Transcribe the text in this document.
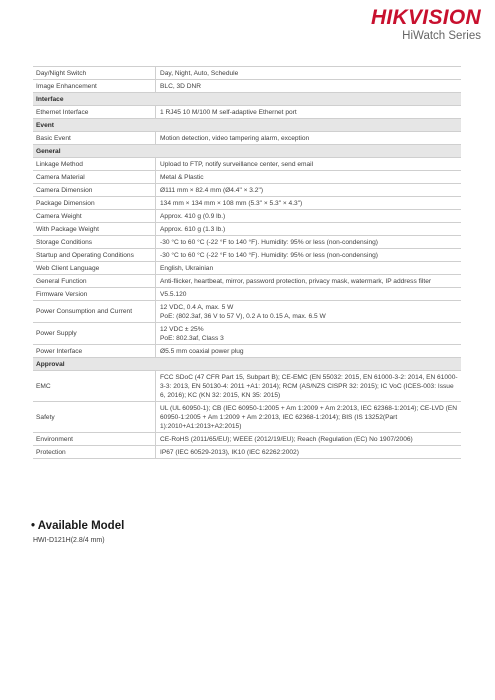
HIKVISION
HiWatch Series
Day/Night Switch	Day, Night, Auto, Schedule

Image Enhancement	BLC, 3D DNR

Interface	
Ethernet Interface	1 RJ45 10 M/100 M self-adaptive Ethernet port

Event	
Basic Event	Motion detection, video tampering alarm, exception

General	
Linkage Method	Upload to FTP, notify surveillance center, send email

Camera Material	Metal & Plastic

Camera Dimension	Ø111 mm × 82.4 mm (Ø4.4" × 3.2")

Package Dimension	134 mm × 134 mm × 108 mm (5.3" × 5.3" × 4.3")

Camera Weight	Approx. 410 g (0.9 lb.)

With Package Weight	Approx. 610 g (1.3 lb.)

Storage Conditions	-30 °C to 60 °C (-22 °F to 140 °F). Humidity: 95% or less (non-condensing)

Startup and Operating Conditions	-30 °C to 60 °C (-22 °F to 140 °F). Humidity: 95% or less (non-condensing)

Web Client Language	English, Ukrainian

General Function	Anti-flicker, heartbeat, mirror, password protection, privacy mask, watermark, IP address filter

Firmware Version	V5.5.120

Power Consumption and Current	12 VDC, 0.4 A, max. 5 W
PoE: (802.3af, 36 V to 57 V), 0.2 A to 0.15 A, max. 6.5 W

Power Supply	12 VDC ± 25%
PoE: 802.3af, Class 3

Power Interface	Ø5.5 mm coaxial power plug

Approval	
EMC	FCC SDoC (47 CFR Part 15, Subpart B); CE-EMC (EN 55032: 2015, EN 61000-3-2: 2014, EN 61000-3-3: 2013, EN 50130-4: 2011 +A1: 2014); RCM (AS/NZS CISPR 32: 2015); IC VoC (ICES-003: Issue 6, 2016); KC (KN 32: 2015, KN 35: 2015)

Safety	UL (UL 60950-1); CB (IEC 60950-1:2005 + Am 1:2009 + Am 2:2013, IEC 62368-1:2014); CE-LVD (EN 60950-1:2005 + Am 1:2009 + Am 2:2013, IEC 62368-1:2014); BIS (IS 13252(Part 1):2010+A1:2013+A2:2015)

Environment	CE-RoHS (2011/65/EU); WEEE (2012/19/EU); Reach (Regulation (EC) No 1907/2006)

Protection	IP67 (IEC 60529-2013), IK10 (IEC 62262:2002)
• Available Model
HWI-D121H(2.8/4 mm)
